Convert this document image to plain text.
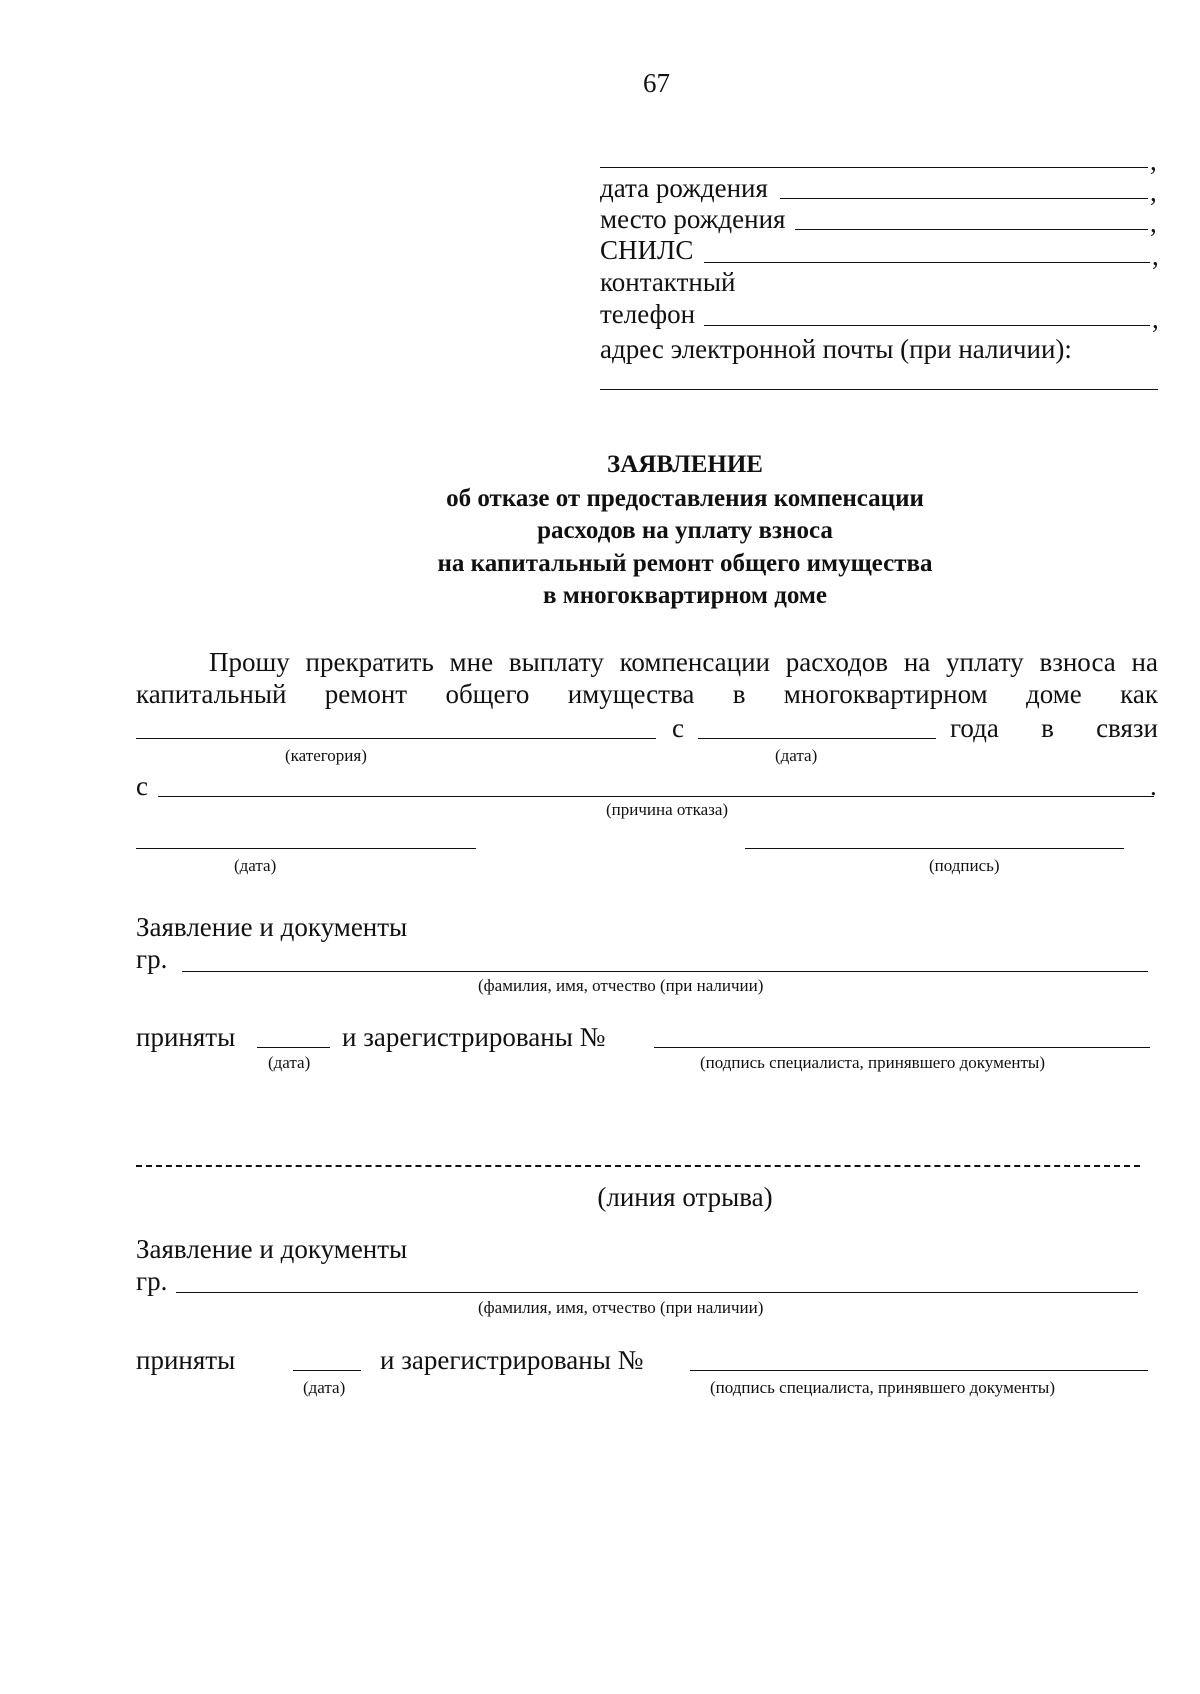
67
,
дата рождения	,
место рождения	,
СНИЛС	,
контактный
телефон	,
адрес электронной почты (при наличии):
ЗАЯВЛЕНИЕ
об отказе от предоставления компенсации
расходов на уплату взноса
на капитальный ремонт общего имущества
в многоквартирном доме
Прошу прекратить мне выплату компенсации расходов на уплату взноса на
капитальный ремонт общего имущества в многоквартирном доме как
с	года в связи
(категория)	(дата)
с	.
(причина отказа)
(дата)	(подпись)
Заявление и документы
гр.
(фамилия, имя, отчество (при наличии)
приняты	и зарегистрированы №
(дата)	(подпись специалиста, принявшего документы)
(линия отрыва)
Заявление и документы
гр.
(фамилия, имя, отчество (при наличии)
приняты	и зарегистрированы №
(дата)	(подпись специалиста, принявшего документы)
